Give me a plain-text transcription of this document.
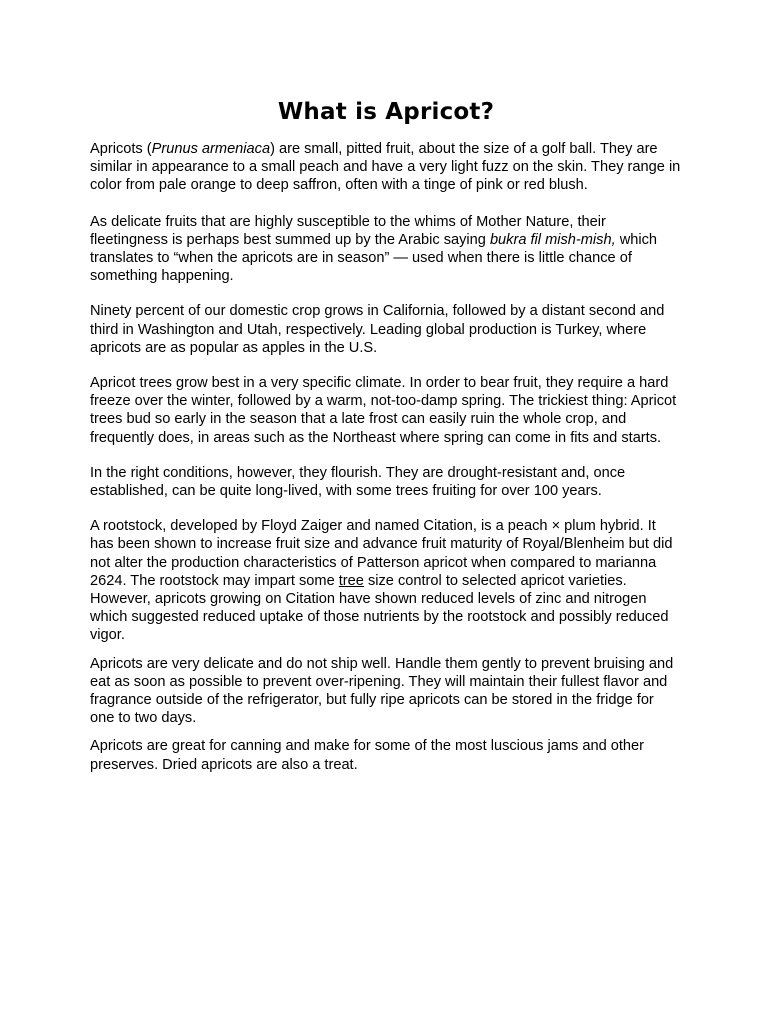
What is Apricot?

Apricots (Prunus armeniaca) are small, pitted fruit, about the size of a golf ball. They are similar in appearance to a small peach and have a very light fuzz on the skin. They range in color from pale orange to deep saffron, often with a tinge of pink or red blush.

As delicate fruits that are highly susceptible to the whims of Mother Nature, their fleetingness is perhaps best summed up by the Arabic saying bukra fil mish-mish, which translates to “when the apricots are in season” — used when there is little chance of something happening.

Ninety percent of our domestic crop grows in California, followed by a distant second and third in Washington and Utah, respectively. Leading global production is Turkey, where apricots are as popular as apples in the U.S.

Apricot trees grow best in a very specific climate. In order to bear fruit, they require a hard freeze over the winter, followed by a warm, not-too-damp spring. The trickiest thing: Apricot trees bud so early in the season that a late frost can easily ruin the whole crop, and frequently does, in areas such as the Northeast where spring can come in fits and starts.

In the right conditions, however, they flourish. They are drought-resistant and, once established, can be quite long-lived, with some trees fruiting for over 100 years.

A rootstock, developed by Floyd Zaiger and named Citation, is a peach × plum hybrid. It has been shown to increase fruit size and advance fruit maturity of Royal/Blenheim but did not alter the production characteristics of Patterson apricot when compared to marianna 2624. The rootstock may impart some tree size control to selected apricot varieties. However, apricots growing on Citation have shown reduced levels of zinc and nitrogen which suggested reduced uptake of those nutrients by the rootstock and possibly reduced vigor.

Apricots are very delicate and do not ship well. Handle them gently to prevent bruising and eat as soon as possible to prevent over-ripening. They will maintain their fullest flavor and fragrance outside of the refrigerator, but fully ripe apricots can be stored in the fridge for one to two days.

Apricots are great for canning and make for some of the most luscious jams and other preserves. Dried apricots are also a treat.
